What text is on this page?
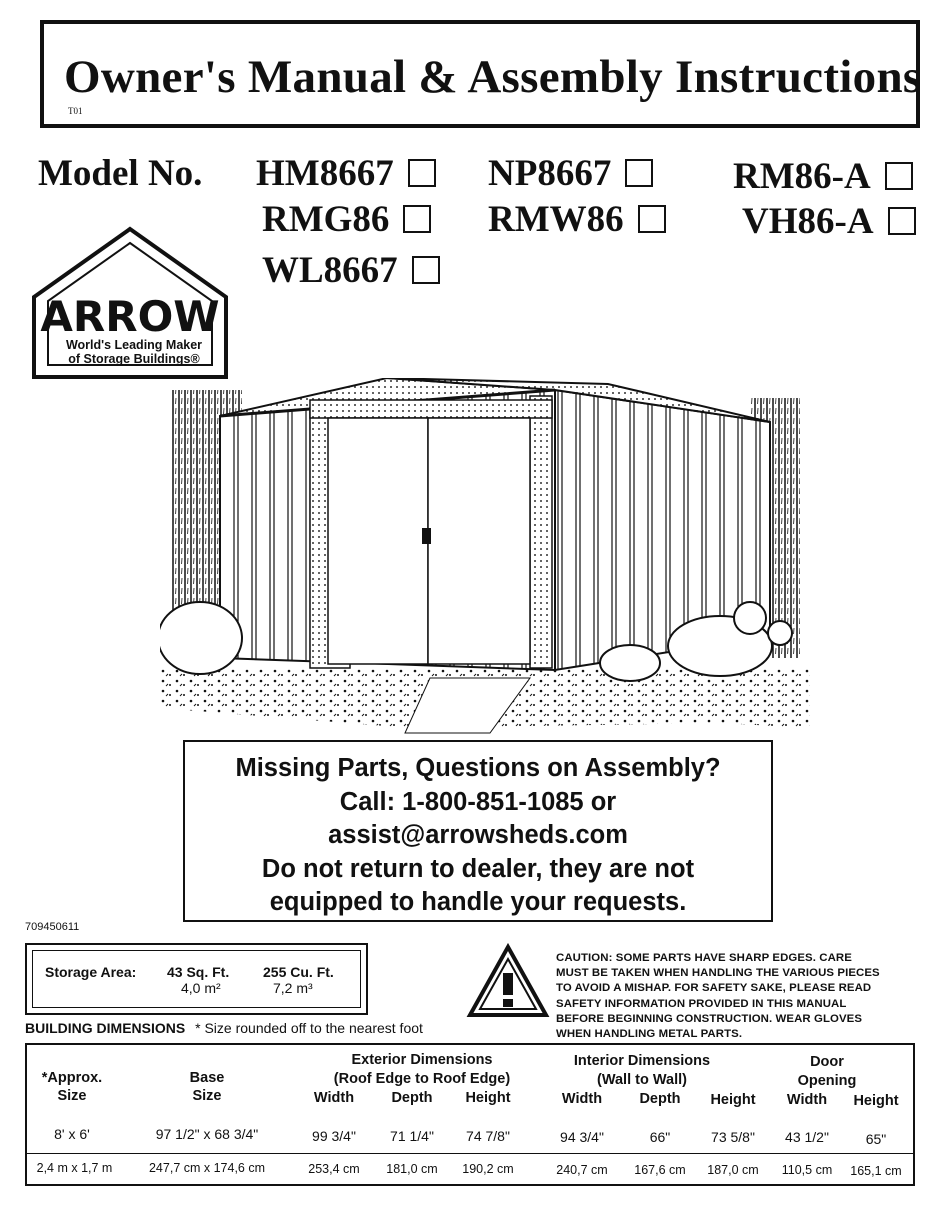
Owner's Manual & Assembly Instructions
T01
Model No. HM8667	NP8667	RM86-A
RMG86	RMW86	VH86-A
WL8667
ARROW
World's Leading Maker
of Storage Buildings®
Missing Parts, Questions on Assembly?
Call: 1-800-851-1085 or
assist@arrowsheds.com
Do not return to dealer, they are not
equipped to handle your requests.
709450611
Storage Area: 43 Sq. Ft. 255 Cu. Ft.
4,0 m²	7,2 m³
CAUTION: SOME PARTS HAVE SHARP EDGES. CARE
MUST BE TAKEN WHEN HANDLING THE VARIOUS PIECES
TO AVOID A MISHAP. FOR SAFETY SAKE, PLEASE READ
SAFETY INFORMATION PROVIDED IN THIS MANUAL
BEFORE BEGINNING CONSTRUCTION. WEAR GLOVES
WHEN HANDLING METAL PARTS.
BUILDING DIMENSIONS * Size rounded off to the nearest foot
Exterior Dimensions
(Roof Edge to Roof Edge)
Interior Dimensions
(Wall to Wall)
Door
Opening
*Approx.
Size
Base
Size	Width	Depth	Height	Width	Depth	Height	Width	Height
8' x 6'	97 1/2" x 68 3/4"	99 3/4"	71 1/4"	74 7/8"	94 3/4"	66"	73 5/8"	43 1/2"	65"
2,4 m x 1,7 m	247,7 cm x 174,6 cm	253,4 cm	181,0 cm	190,2 cm	240,7 cm	167,6 cm	187,0 cm	110,5 cm	165,1 cm
